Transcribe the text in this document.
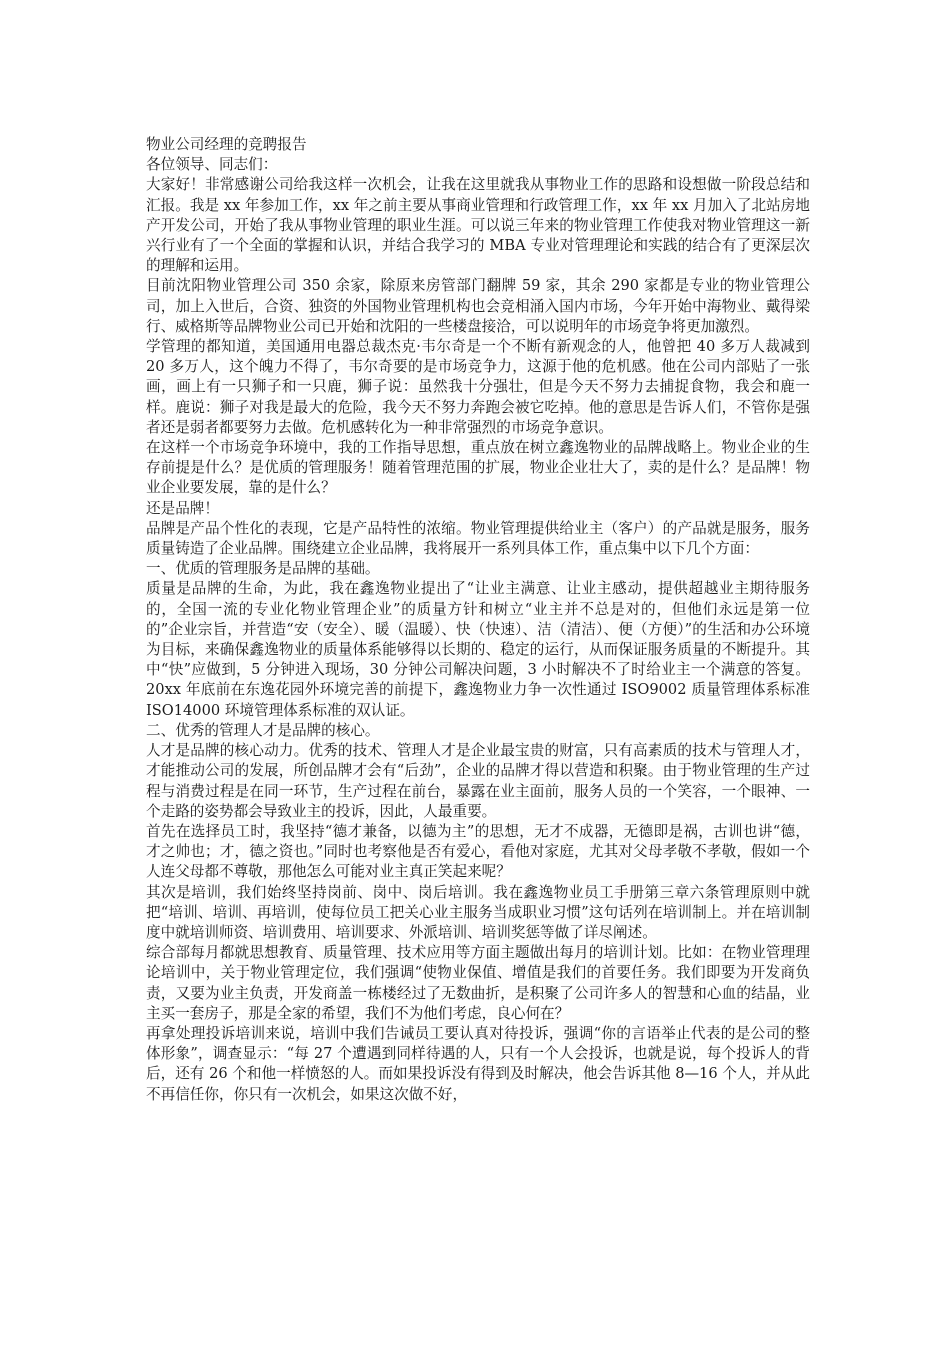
物业公司经理的竞聘报告

各位领导、同志们：

大家好！非常感谢公司给我这样一次机会，让我在这里就我从事物业工作的思路和设想做一阶段总结和汇报。我是 xx 年参加工作，xx 年之前主要从事商业管理和行政管理工作，xx 年 xx 月加入了北站房地产开发公司，开始了我从事物业管理的职业生涯。可以说三年来的物业管理工作使我对物业管理这一新兴行业有了一个全面的掌握和认识，并结合我学习的 MBA 专业对管理理论和实践的结合有了更深层次的理解和运用。

目前沈阳物业管理公司 350 余家，除原来房管部门翻牌 59 家，其余 290 家都是专业的物业管理公司，加上入世后，合资、独资的外国物业管理机构也会竞相涌入国内市场，今年开始中海物业、戴得梁行、威格斯等品牌物业公司已开始和沈阳的一些楼盘接洽，可以说明年的市场竞争将更加激烈。

学管理的都知道，美国通用电器总裁杰克·韦尔奇是一个不断有新观念的人，他曾把 40 多万人裁减到 20 多万人，这个魄力不得了，韦尔奇要的是市场竞争力，这源于他的危机感。他在公司内部贴了一张画，画上有一只狮子和一只鹿，狮子说：虽然我十分强壮，但是今天不努力去捕捉食物，我会和鹿一样。鹿说：狮子对我是最大的危险，我今天不努力奔跑会被它吃掉。他的意思是告诉人们，不管你是强者还是弱者都要努力去做。危机感转化为一种非常强烈的市场竞争意识。

在这样一个市场竞争环境中，我的工作指导思想，重点放在树立鑫逸物业的品牌战略上。物业企业的生存前提是什么？是优质的管理服务！随着管理范围的扩展，物业企业壮大了，卖的是什么？是品牌！物业企业要发展，靠的是什么？

还是品牌！

品牌是产品个性化的表现，它是产品特性的浓缩。物业管理提供给业主（客户）的产品就是服务，服务质量铸造了企业品牌。围绕建立企业品牌，我将展开一系列具体工作，重点集中以下几个方面：

一、优质的管理服务是品牌的基础。

质量是品牌的生命，为此，我在鑫逸物业提出了“让业主满意、让业主感动，提供超越业主期待服务的，全国一流的专业化物业管理企业”的质量方针和树立“业主并不总是对的，但他们永远是第一位的”企业宗旨，并营造“安（安全）、暖（温暖）、快（快速）、洁（清洁）、便（方便）”的生活和办公环境为目标，来确保鑫逸物业的质量体系能够得以长期的、稳定的运行，从而保证服务质量的不断提升。其中“快”应做到，5 分钟进入现场，30 分钟公司解决问题，3 小时解决不了时给业主一个满意的答复。20xx 年底前在东逸花园外环境完善的前提下，鑫逸物业力争一次性通过 ISO9002 质量管理体系标准 ISO14000 环境管理体系标准的双认证。

二、优秀的管理人才是品牌的核心。

人才是品牌的核心动力。优秀的技术、管理人才是企业最宝贵的财富，只有高素质的技术与管理人才，才能推动公司的发展，所创品牌才会有“后劲”，企业的品牌才得以营造和积聚。由于物业管理的生产过程与消费过程是在同一环节，生产过程在前台，暴露在业主面前，服务人员的一个笑容，一个眼神、一个走路的姿势都会导致业主的投诉，因此，人最重要。

首先在选择员工时，我坚持“德才兼备，以德为主”的思想，无才不成器，无德即是祸，古训也讲“德，才之帅也；才，德之资也。”同时也考察他是否有爱心，看他对家庭，尤其对父母孝敬不孝敬，假如一个人连父母都不尊敬，那他怎么可能对业主真正笑起来呢？

其次是培训，我们始终坚持岗前、岗中、岗后培训。我在鑫逸物业员工手册第三章六条管理原则中就把“培训、培训、再培训，使每位员工把关心业主服务当成职业习惯”这句话列在培训制上。并在培训制度中就培训师资、培训费用、培训要求、外派培训、培训奖惩等做了详尽阐述。

综合部每月都就思想教育、质量管理、技术应用等方面主题做出每月的培训计划。比如：在物业管理理论培训中，关于物业管理定位，我们强调“使物业保值、增值是我们的首要任务。我们即要为开发商负责，又要为业主负责，开发商盖一栋楼经过了无数曲折，是积聚了公司许多人的智慧和心血的结晶，业主买一套房子，那是全家的希望，我们不为他们考虑，良心何在？

再拿处理投诉培训来说，培训中我们告诫员工要认真对待投诉，强调“你的言语举止代表的是公司的整体形象”，调查显示：“每 27 个遭遇到同样待遇的人，只有一个人会投诉，也就是说，每个投诉人的背后，还有 26 个和他一样愤怒的人。而如果投诉没有得到及时解决，他会告诉其他 8—16 个人，并从此不再信任你，你只有一次机会，如果这次做不好，
